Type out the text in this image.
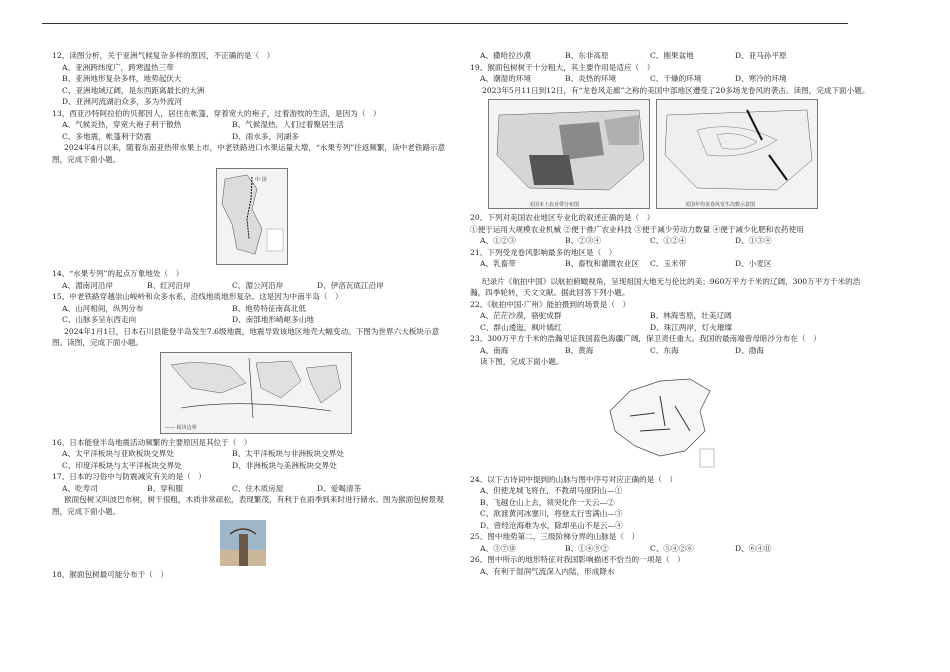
12、读图分析，关于亚洲气候复杂多样的原因，不正确的是（　）
A、亚洲跨纬度广，跨寒温热三带
B、亚洲地形复杂多样，地势起伏大
C、亚洲地域辽阔，是东西距离最长的大洲
D、亚洲河流湖泊众多，多为外流河
13、西亚沙特阿拉伯的贝都因人，居住在帐篷，穿着宽大的袍子，过着游牧的生活，是因为（　）
A、气候炎热，穿宽大袍子利于散热	B、气候湿热，人们过着聚居生活
C、多地震，帐篷利于防震	D、雨水多，河湖多
2024年4月以来，随着东南亚热带水果上市，中老铁路进口水果运量大增，“水果专列”往返频繁，读中老铁路示意图，完成下面小题。
中 国
14、“水果专列”的起点万象地处（　）
A、湄南河沿岸	B、红河沿岸	C、湄公河沿岸	D、伊洛瓦底江沿岸
15、中老铁路穿越崇山峻岭和众多水系，沿线地质地形复杂。这是因为中南半岛（　）
A、山河相间，纵列分布	B、地势特征南高北低
C、山脉多呈东西走向	D、南部地形崎岖多山地
2024年1月1日，日本石川县能登半岛发生7.6级地震，地震导致该地区地壳大幅变动。下图为世界六大板块示意图。读图，完成下面小题。
—— 板块边界
16、日本能登半岛地震活动频繁的主要原因是其位于（　）
A、太平洋板块与亚欧板块交界处	B、太平洋板块与非洲板块交界处
C、印度洋板块与太平洋板块交界处	D、非洲板块与美洲板块交界处
17、日本的习俗中与防震减灾有关的是（　）
A、吃寿司	B、穿和服	C、住木质房屋	D、爱喝清茶
猴面包树又叫波巴布树，树干很粗，木质非常疏松，表现繁茂，有利于在雨季到来时进行储水。图为猴面包树景观图，完成下面小题。
18、猴面包树最可能分布于（　）
A、撒哈拉沙漠	B、东非高原	C、刚果盆地	D、亚马孙平原
19、猴面包树树干十分粗大，其主要作用是适应（　）
A、潮湿的环境	B、炎热的环境	C、干燥的环境	D、寒冷的环境
2023年5月11日到12日，有“龙卷风走廊”之称的美国中部地区遭受了20多场龙卷风的袭击。读图，完成下面小题。
美国本土农业带分布图	美国年均龙卷风发生次数示意图
20、下列对美国农业地区专业化的叙述正确的是（　）
①便于运用大规模农业机械 ②便于推广农业科技 ③便于减少劳动力数量 ④便于减少化肥和农药使用
A、①②③	B、②③④	C、①②④	D、①③④
21、下列受龙卷风影响最多的地区是（　）
A、乳畜带	B、畜牧和灌溉农业区	C、玉米带	D、小麦区
纪录片《航拍中国》以航拍俯瞰视角，呈现祖国大地无与伦比的美；960万平方千米的辽阔，300万平方千米的浩瀚，四季轮转，天文文献。据此回答下列小题。
22、《航拍中国·广州》能拍摄到的场景是（　）
A、茫茫沙漠，骆驼成群	B、林海雪原，壮美辽阔
C、群山逶迤，枫叶嫣红	D、珠江两岸，灯火璀璨
23、300万平方千米的浩瀚见证我国蓝色海疆广阔，保卫责任重大。我国的最南端曾母暗沙分布在（　）
A、南海	B、黄海	C、东海	D、渤海
读下图，完成下面小题。
24、以下古诗词中提到的山脉与图中序号对应正确的是（　）
A、但使龙城飞将在，不教胡马度阴山—①
B、飞越仓山上去，须突化作一天云—②
C、欲渡黄河冰塞川，将登太行雪满山—③
D、曾经沧海难为水，除却巫山不是云—④
25、图中地势第二、三级阶梯分界的山脉是（　）
A、③⑦⑩	B、①④⑨②	C、⑤④②⑥	D、⑥④⑪
26、图中所示的地形特征对我国影响描述不恰当的一项是（　）
A、有利于湿润气流深入内陆，形成降水
